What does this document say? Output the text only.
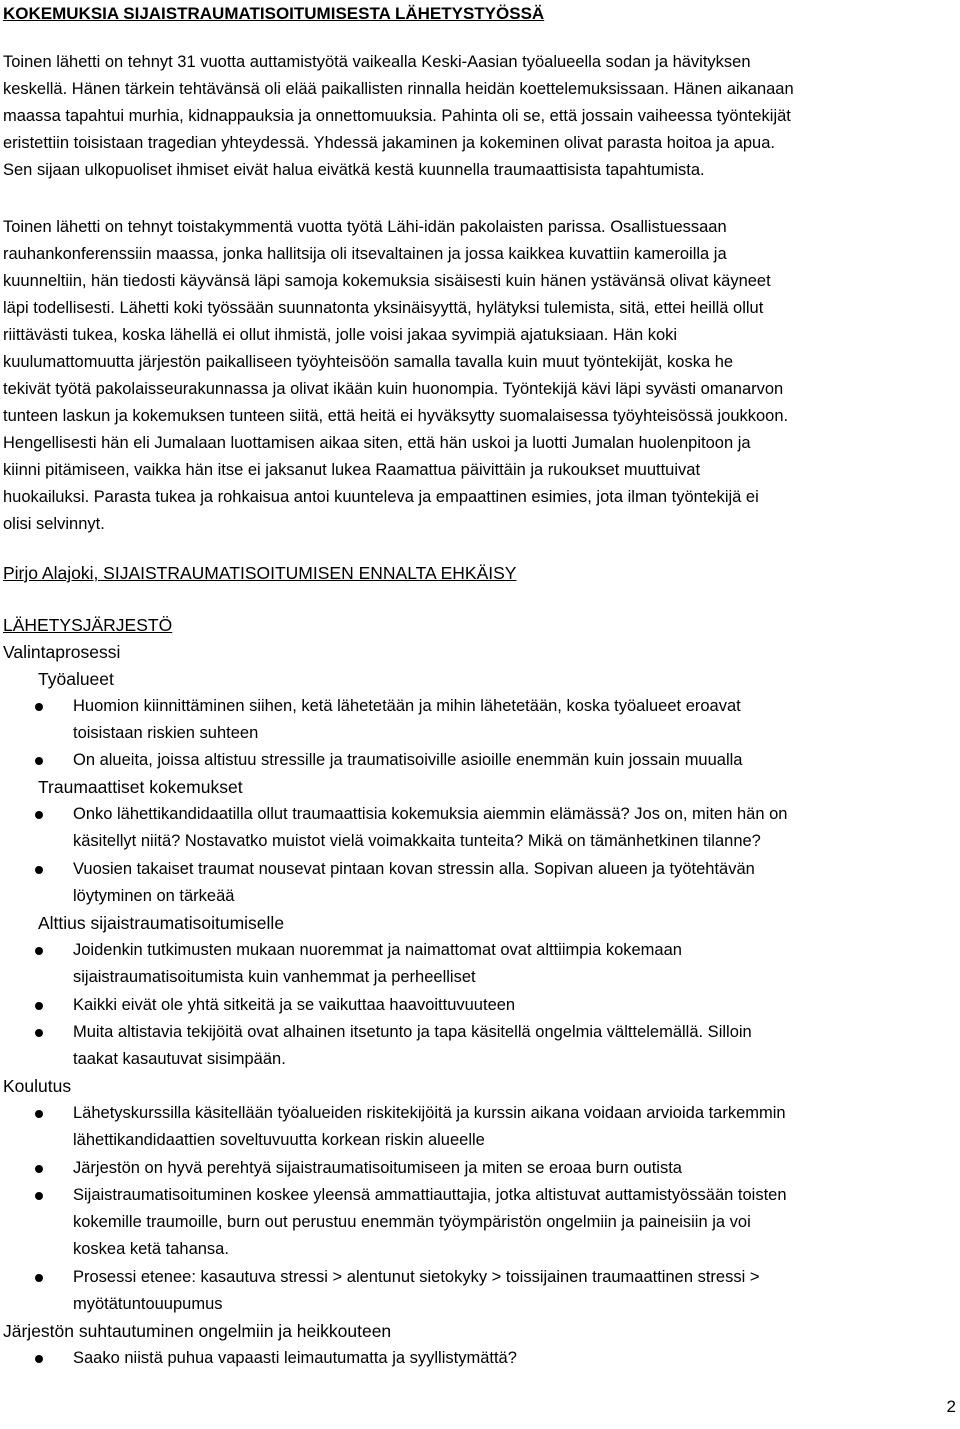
KOKEMUKSIA SIJAISTRAUMATISOITUMISESTA LÄHETYSTYÖSSÄ
Toinen lähetti on tehnyt 31 vuotta auttamistyötä vaikealla Keski-Aasian työalueella sodan ja hävityksen
keskellä. Hänen tärkein tehtävänsä oli elää paikallisten rinnalla heidän koettelemuksissaan. Hänen aikanaan
maassa tapahtui murhia, kidnappauksia ja onnettomuuksia. Pahinta oli se, että jossain vaiheessa työntekijät
eristettiin toisistaan tragedian yhteydessä. Yhdessä jakaminen ja kokeminen olivat parasta hoitoa ja apua.
Sen sijaan ulkopuoliset ihmiset eivät halua eivätkä kestä kuunnella traumaattisista tapahtumista.
Toinen lähetti on tehnyt toistakymmentä vuotta työtä Lähi-idän pakolaisten parissa. Osallistuessaan
rauhankonferenssiin maassa, jonka hallitsija oli itsevaltainen ja jossa kaikkea kuvattiin kameroilla ja
kuunneltiin, hän tiedosti käyvänsä läpi samoja kokemuksia sisäisesti kuin hänen ystävänsä olivat käyneet
läpi todellisesti. Lähetti koki työssään suunnatonta yksinäisyyttä, hylätyksi tulemista, sitä, ettei heillä ollut
riittävästi tukea, koska lähellä ei ollut ihmistä, jolle voisi jakaa syvimpiä ajatuksiaan. Hän koki
kuulumattomuutta järjestön paikalliseen työyhteisöön samalla tavalla kuin muut työntekijät, koska he
tekivät työtä pakolaisseurakunnassa ja olivat ikään kuin huonompia. Työntekijä kävi läpi syvästi omanarvon
tunteen laskun ja kokemuksen tunteen siitä, että heitä ei hyväksytty suomalaisessa työyhteisössä joukkoon.
Hengellisesti hän eli Jumalaan luottamisen aikaa siten, että hän uskoi ja luotti Jumalan huolenpitoon ja
kiinni pitämiseen, vaikka hän itse ei jaksanut lukea Raamattua päivittäin ja rukoukset muuttuivat
huokailuksi. Parasta tukea ja rohkaisua antoi kuunteleva ja empaattinen esimies, jota ilman työntekijä ei
olisi selvinnyt.
Pirjo Alajoki, SIJAISTRAUMATISOITUMISEN ENNALTA EHKÄISY
LÄHETYSJÄRJESTÖ
Valintaprosessi
Työalueet
Huomion kiinnittäminen siihen, ketä lähetetään ja mihin lähetetään, koska työalueet eroavat
toisistaan riskien suhteen
On alueita, joissa altistuu stressille ja traumatisoiville asioille enemmän kuin jossain muualla
Traumaattiset kokemukset
Onko lähettikandidaatilla ollut traumaattisia kokemuksia aiemmin elämässä? Jos on, miten hän on
käsitellyt niitä? Nostavatko muistot vielä voimakkaita tunteita? Mikä on tämänhetkinen tilanne?
Vuosien takaiset traumat nousevat pintaan kovan stressin alla. Sopivan alueen ja työtehtävän
löytyminen on tärkeää
Alttius sijaistraumatisoitumiselle
Joidenkin tutkimusten mukaan nuoremmat ja naimattomat ovat alttiimpia kokemaan
sijaistraumatisoitumista kuin vanhemmat ja perheelliset
Kaikki eivät ole yhtä sitkeitä ja se vaikuttaa haavoittuvuuteen
Muita altistavia tekijöitä ovat alhainen itsetunto ja tapa käsitellä ongelmia välttelemällä. Silloin
taakat kasautuvat sisimpään.
Koulutus
Lähetyskurssilla käsitellään työalueiden riskitekijöitä ja kurssin aikana voidaan arvioida tarkemmin
lähettikandidaattien soveltuvuutta korkean riskin alueelle
Järjestön on hyvä perehtyä sijaistraumatisoitumiseen ja miten se eroaa burn outista
Sijaistraumatisoituminen koskee yleensä ammattiauttajia, jotka altistuvat auttamistyössään toisten
kokemille traumoille, burn out perustuu enemmän työympäristön ongelmiin ja paineisiin ja voi
koskea ketä tahansa.
Prosessi etenee: kasautuva stressi > alentunut sietokyky > toissijainen traumaattinen stressi >
myötätuntouupumus
Järjestön suhtautuminen ongelmiin ja heikkouteen
Saako niistä puhua vapaasti leimautumatta ja syyllistymättä?
2
